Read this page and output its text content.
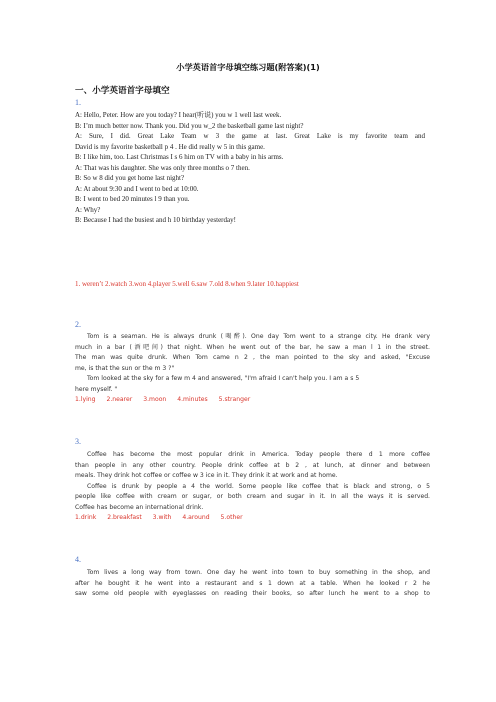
小学英语首字母填空练习题(附答案)(1)
一、小学英语首字母填空
1.
A: Hello, Peter. How are you today? I hear(听说) you w 1 well last week.
B: I’m much better now. Thank you. Did you w_2 the basketball game last night?
A: Sure, I did. Great Lake Team w 3 the game at last. Great Lake is my favorite team and
David is my favorite basketball p 4 . He did really w 5 in this game.
B: I like him, too. Last Christmas I s 6 him on TV with a baby in his arms.
A: That was his daughter. She was only three months o 7 then.
B: So w 8 did you get home last night?
A: At about 9:30 and I went to bed at 10:00.
B: I went to bed 20 minutes l 9 than you.
A: Why?
B: Because I had the busiest and h 10 birthday yesterday!
1. weren’t 2.watch 3.won 4.player 5.well 6.saw 7.old 8.when 9.later 10.happiest
2.
Tom is a seaman. He is always drunk (喝醉). One day Tom went to a strange city. He drank very
much in a bar (酒吧间) that night. When he went out of the bar, he saw a man l 1 in the street.
The man was quite drunk. When Tom came n 2 , the man pointed to the sky and asked, "Excuse
me, is that the sun or the m 3 ?"
Tom looked at the sky for a few m 4 and answered, "I'm afraid I can't help you. I am a s 5
here myself. "
1.lying 2.nearer 3.moon 4.minutes 5.stranger
3.
Coffee has become the most popular drink in America. Today people there d 1 more coffee
than people in any other country. People drink coffee at b 2 , at lunch, at dinner and between
meals. They drink hot coffee or coffee w 3 ice in it. They drink it at work and at home.
Coffee is drunk by people a 4 the world. Some people like coffee that is black and strong, o 5
people like coffee with cream or sugar, or both cream and sugar in it. In all the ways it is served.
Coffee has become an international drink.
1.drink 2.breakfast 3.with 4.around 5.other
4.
Tom lives a long way from town. One day he went into town to buy something in the shop, and
after he bought it he went into a restaurant and s 1 down at a table. When he looked r 2 he
saw some old people with eyeglasses on reading their books, so after lunch he went to a shop to
